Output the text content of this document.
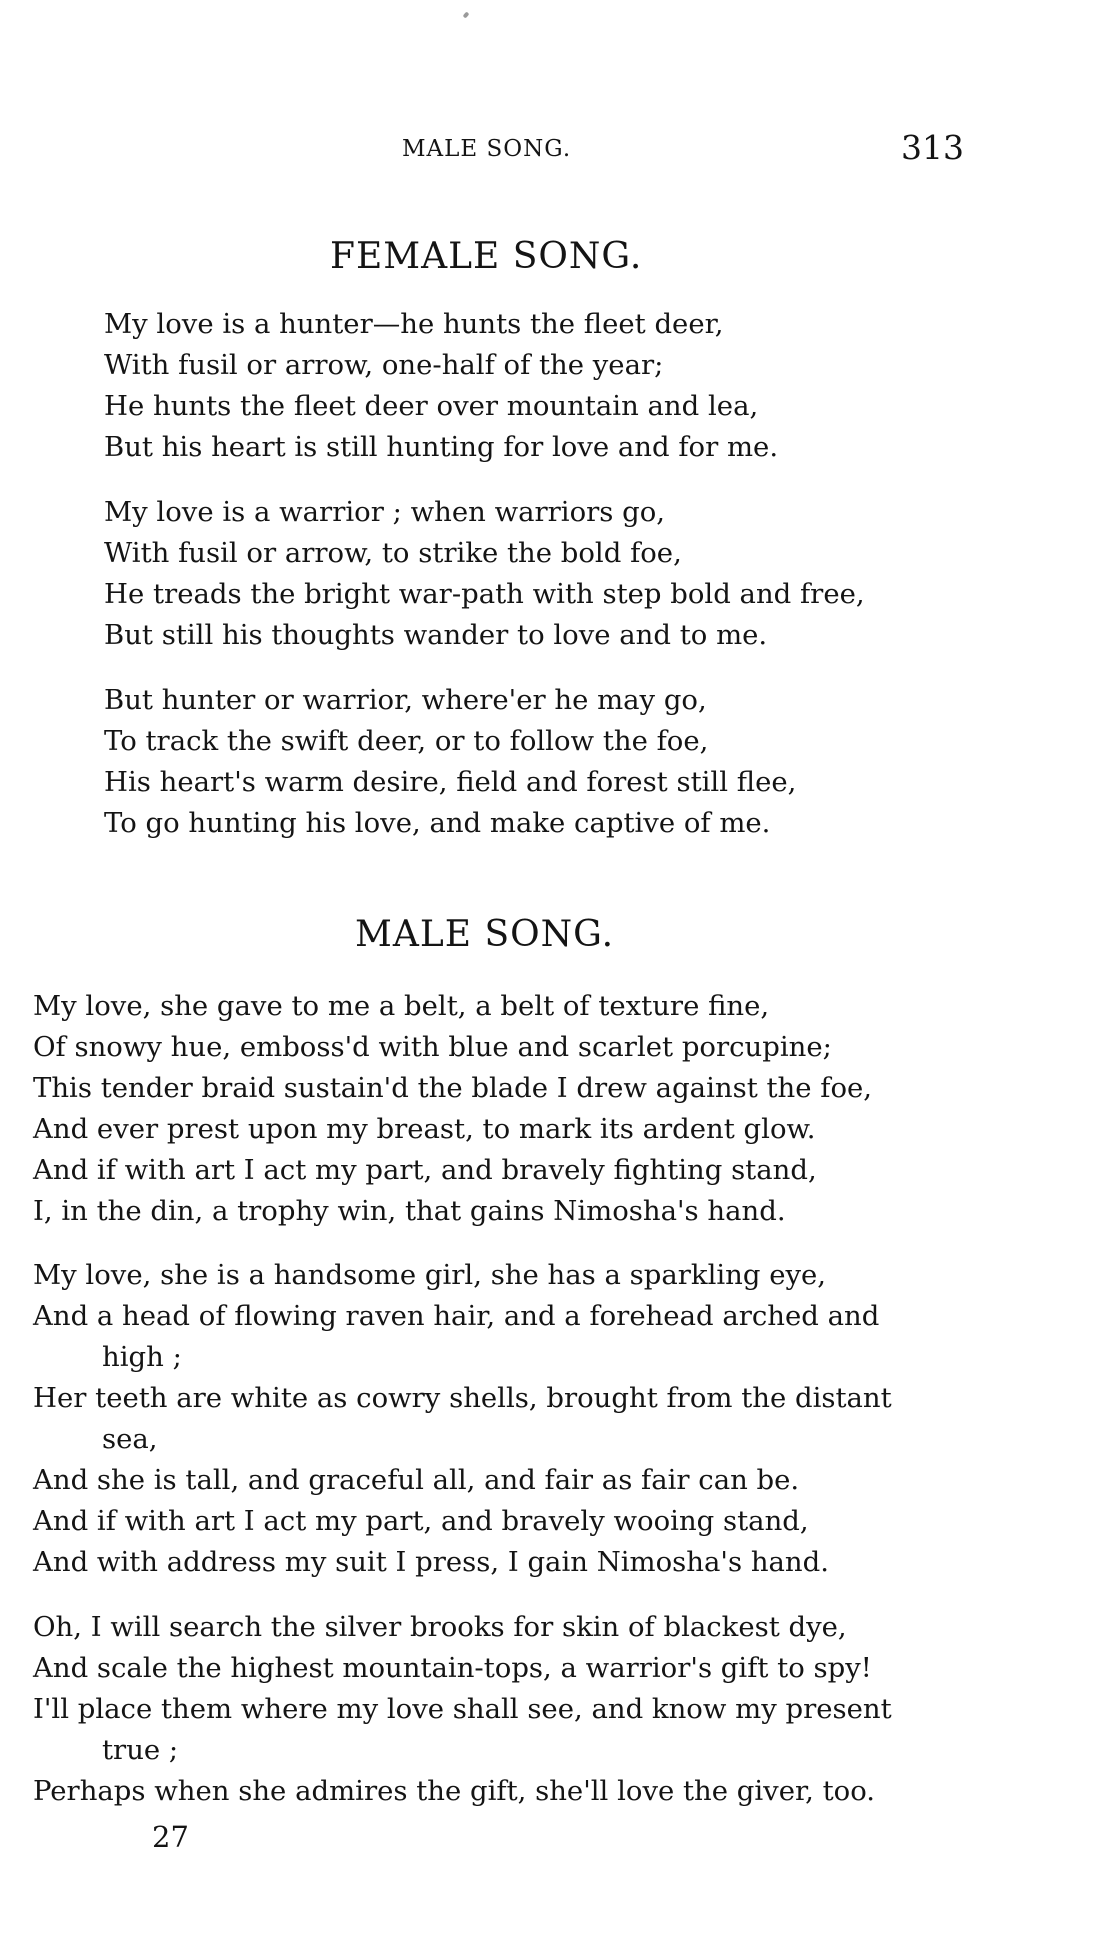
MALE SONG.	313
FEMALE SONG.
My love is a hunter—he hunts the fleet deer,
With fusil or arrow, one-half of the year;
He hunts the fleet deer over mountain and lea,
But his heart is still hunting for love and for me.
My love is a warrior ; when warriors go,
With fusil or arrow, to strike the bold foe,
He treads the bright war-path with step bold and free,
But still his thoughts wander to love and to me.
But hunter or warrior, where'er he may go,
To track the swift deer, or to follow the foe,
His heart's warm desire, field and forest still flee,
To go hunting his love, and make captive of me.
MALE SONG.
My love, she gave to me a belt, a belt of texture fine,
Of snowy hue, emboss'd with blue and scarlet porcupine;
This tender braid sustain'd the blade I drew against the foe,
And ever prest upon my breast, to mark its ardent glow.
And if with art I act my part, and bravely fighting stand,
I, in the din, a trophy win, that gains Nimosha's hand.
My love, she is a handsome girl, she has a sparkling eye,
And a head of flowing raven hair, and a forehead arched and
high ;
Her teeth are white as cowry shells, brought from the distant
sea,
And she is tall, and graceful all, and fair as fair can be.
And if with art I act my part, and bravely wooing stand,
And with address my suit I press, I gain Nimosha's hand.
Oh, I will search the silver brooks for skin of blackest dye,
And scale the highest mountain-tops, a warrior's gift to spy!
I'll place them where my love shall see, and know my present
true ;
Perhaps when she admires the gift, she'll love the giver, too.
27
